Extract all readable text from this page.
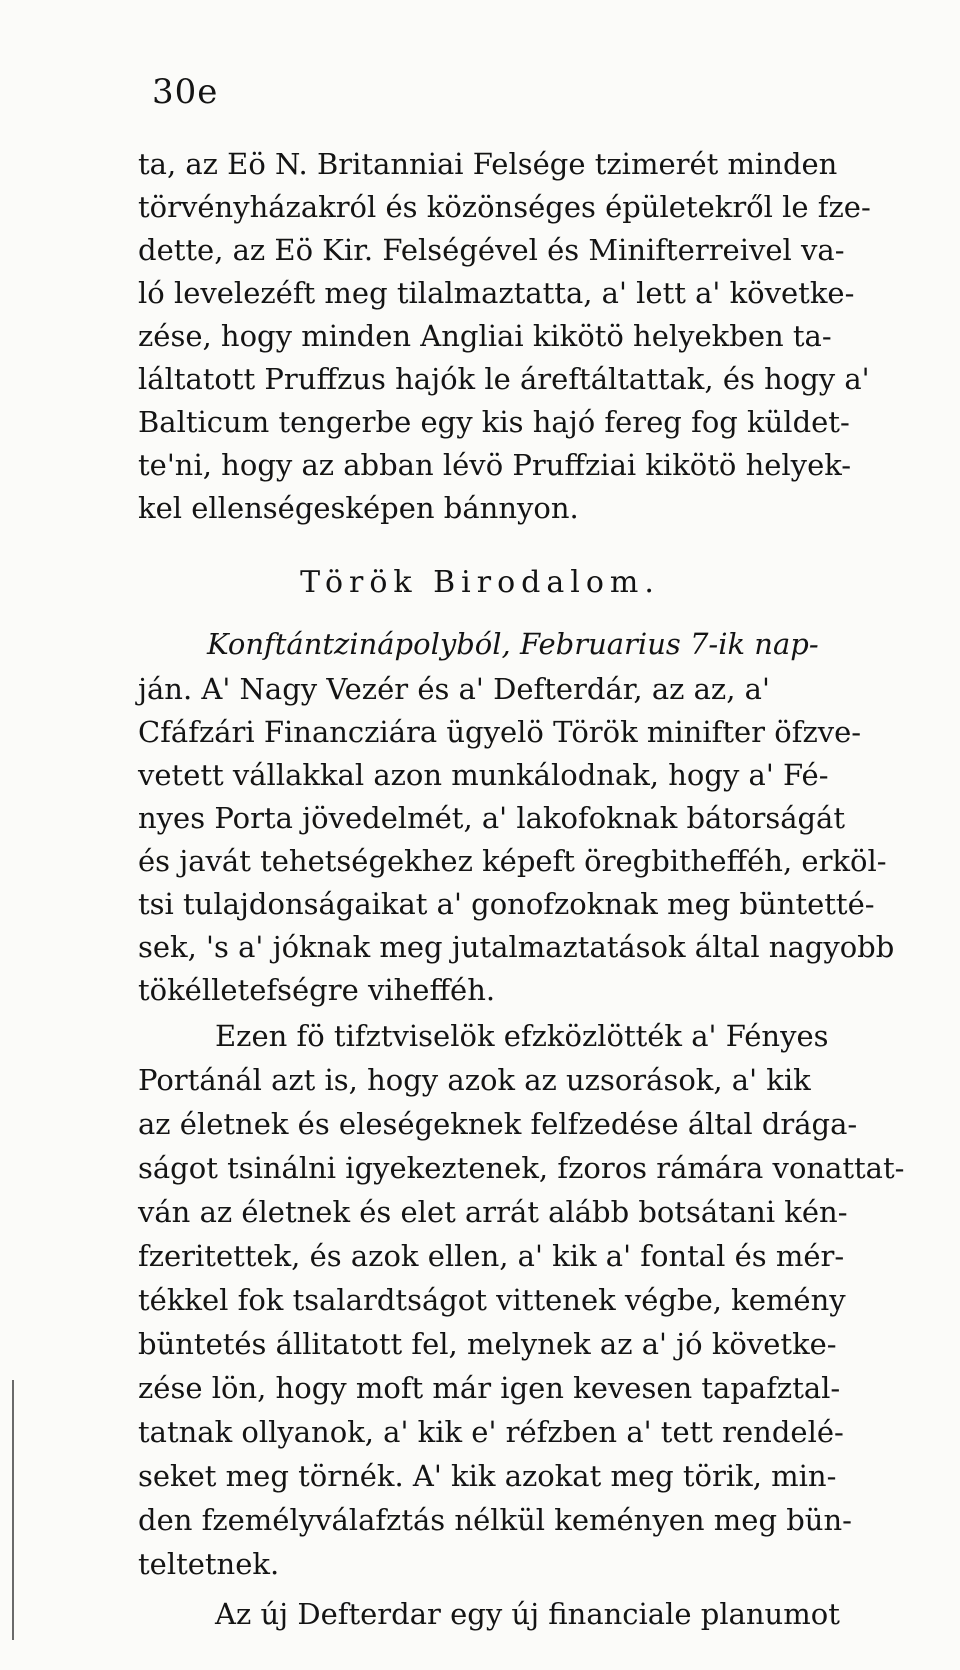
30e
ta, az Eö N. Britanniai Felsége tzimerét minden
törvényházakról és közönséges épületekről le fze-
dette, az Eö Kir. Felségével és Minifterreivel va-
ló levelezéft meg tilalmaztatta, a' lett a' követke-
zése, hogy minden Angliai kikötö helyekben ta-
láltatott Pruffzus hajók le áreftáltattak, és hogy a'
Balticum tengerbe egy kis hajó fereg fog küldet-
te'ni, hogy az abban lévö Pruffziai kikötö helyek-
kel ellenségesképen bánnyon.
Török Birodalom.
Konftántzinápolyból, Februarius 7-ik nap-
ján. A' Nagy Vezér és a' Defterdár, az az, a'
Cfáfzári Financziára ügyelö Török minifter öfzve-
vetett vállakkal azon munkálodnak, hogy a' Fé-
nyes Porta jövedelmét, a' lakofoknak bátorságát
és javát tehetségekhez képeft öregbithefféh, erköl-
tsi tulajdonságaikat a' gonofzoknak meg büntetté-
sek, 's a' jóknak meg jutalmaztatások által nagyobb
tökélletefségre vihefféh.
Ezen fö tifztviselök efzközlötték a' Fényes
Portánál azt is, hogy azok az uzsorások, a' kik
az életnek és eleségeknek felfzedése által drága-
ságot tsinálni igyekeztenek, fzoros rámára vonattat-
ván az életnek és elet arrát alább botsátani kén-
fzeritettek, és azok ellen, a' kik a' fontal és mér-
tékkel fok tsalardtságot vittenek végbe, kemény
büntetés állitatott fel, melynek az a' jó követke-
zése lön, hogy moft már igen kevesen tapafztal-
tatnak ollyanok, a' kik e' réfzben a' tett rendelé-
seket meg törnék. A' kik azokat meg törik, min-
den fzemélyválafztás nélkül keményen meg bün-
teltetnek.
Az új Defterdar egy új financiale planumot
